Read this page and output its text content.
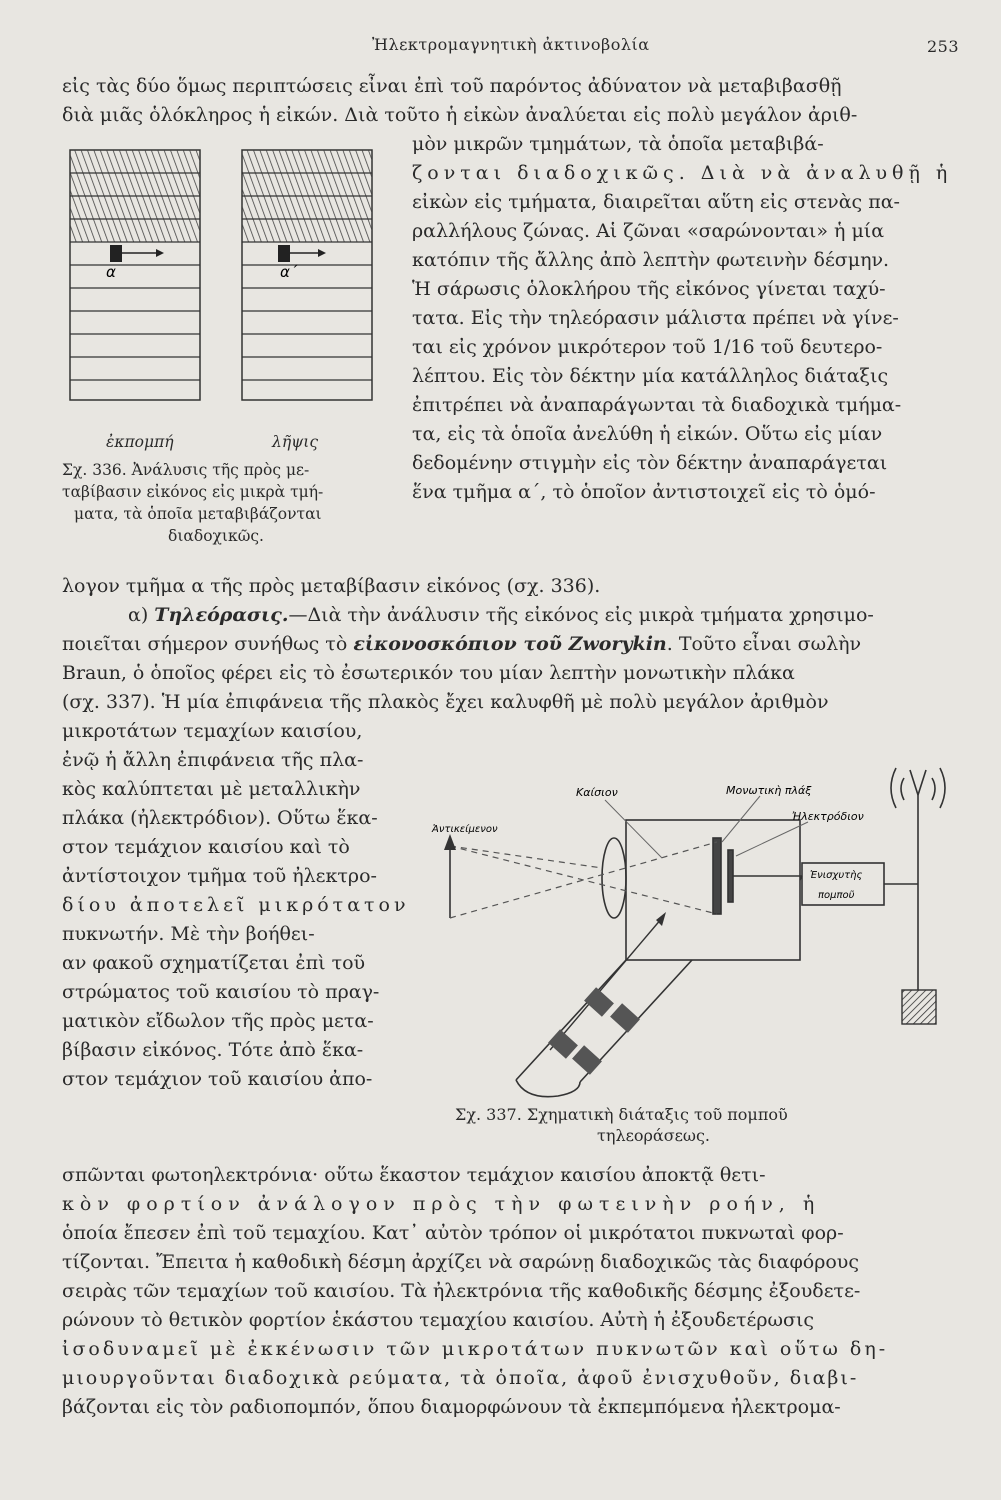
Ἠλεκτρομαγνητικὴ ἀκτινοβολία	253
εἰς τὰς δύο ὅμως περιπτώσεις εἶναι ἐπὶ τοῦ παρόντος ἀδύνατον νὰ μεταβιβασθῇ
διὰ μιᾶς ὁλόκληρος ἡ εἰκών. Διὰ τοῦτο ἡ εἰκὼν ἀναλύεται εἰς πολὺ μεγάλον ἀριθ-
μὸν μικρῶν τμημάτων, τὰ ὁποῖα μεταβιβά-
ζονται διαδοχικῶς. Διὰ νὰ ἀναλυθῇ ἡ
εἰκὼν εἰς τμήματα, διαιρεῖται αὕτη εἰς στενὰς πα-
ραλλήλους ζώνας. Αἱ ζῶναι «σαρώνονται» ἡ μία
κατόπιν τῆς ἄλλης ἀπὸ λεπτὴν φωτεινὴν δέσμην.
Ἡ σάρωσις ὁλοκλήρου τῆς εἰκόνος γίνεται ταχύ-
τατα. Εἰς τὴν τηλεόρασιν μάλιστα πρέπει νὰ γίνε-
ται εἰς χρόνον μικρότερον τοῦ 1/16 τοῦ δευτερο-
λέπτου. Εἰς τὸν δέκτην μία κατάλληλος διάταξις
ἐπιτρέπει νὰ ἀναπαράγωνται τὰ διαδοχικὰ τμήμα-
τα, εἰς τὰ ὁποῖα ἀνελύθη ἡ εἰκών. Οὕτω εἰς μίαν
δεδομένην στιγμὴν εἰς τὸν δέκτην ἀναπαράγεται
ἕνα τμῆμα α΄, τὸ ὁποῖον ἀντιστοιχεῖ εἰς τὸ ὁμό-
α	α΄
ἐκπομπή	λῆψις
Σχ. 336. Ἀνάλυσις τῆς πρὸς με-
ταβίβασιν εἰκόνος εἰς μικρὰ τμή-
ματα, τὰ ὁποῖα μεταβιβάζονται
διαδοχικῶς.
λογον τμῆμα α τῆς πρὸς μεταβίβασιν εἰκόνος (σχ. 336).
α) Τηλεόρασις.—Διὰ τὴν ἀνάλυσιν τῆς εἰκόνος εἰς μικρὰ τμήματα χρησιμο-
ποιεῖται σήμερον συνήθως τὸ εἰκονοσκόπιον τοῦ Zworykin. Τοῦτο εἶναι σωλὴν
Braun, ὁ ὁποῖος φέρει εἰς τὸ ἐσωτερικόν του μίαν λεπτὴν μονωτικὴν πλάκα
(σχ. 337). Ἡ μία ἐπιφάνεια τῆς πλακὸς ἔχει καλυφθῆ μὲ πολὺ μεγάλον ἀριθμὸν
μικροτάτων τεμαχίων καισίου,
ἐνῷ ἡ ἄλλη ἐπιφάνεια τῆς πλα-
κὸς καλύπτεται μὲ μεταλλικὴν
πλάκα (ἠλεκτρόδιον). Οὕτω ἕκα-
στον τεμάχιον καισίου καὶ τὸ
ἀντίστοιχον τμῆμα τοῦ ἠλεκτρο-
δίου ἀποτελεῖ μικρότατον
πυκνωτήν. Μὲ τὴν βοήθει-
αν φακοῦ σχηματίζεται ἐπὶ τοῦ
στρώματος τοῦ καισίου τὸ πραγ-
ματικὸν εἴδωλον τῆς πρὸς μετα-
βίβασιν εἰκόνος. Τότε ἀπὸ ἕκα-
στον τεμάχιον τοῦ καισίου ἀπο-
Καίσιον	Μονωτικὴ πλάξ
Ἀντικείμενον
Ἠλεκτρόδιον
Ἐνισχυτὴς
πομποῦ
Σχ. 337. Σχηματικὴ διάταξις τοῦ πομποῦ
τηλεοράσεως.
σπῶνται φωτοηλεκτρόνια· οὕτω ἕκαστον τεμάχιον καισίου ἀποκτᾷ θετι-
κὸν φορτίον ἀνάλογον πρὸς τὴν φωτεινὴν ροήν, ἡ
ὁποία ἔπεσεν ἐπὶ τοῦ τεμαχίου. Κατ᾽ αὐτὸν τρόπον οἱ μικρότατοι πυκνωταὶ φορ-
τίζονται. Ἔπειτα ἡ καθοδικὴ δέσμη ἀρχίζει νὰ σαρώνῃ διαδοχικῶς τὰς διαφόρους
σειρὰς τῶν τεμαχίων τοῦ καισίου. Τὰ ἠλεκτρόνια τῆς καθοδικῆς δέσμης ἐξουδετε-
ρώνουν τὸ θετικὸν φορτίον ἑκάστου τεμαχίου καισίου. Αὐτὴ ἡ ἐξουδετέρωσις
ἰσοδυναμεῖ μὲ ἐκκένωσιν τῶν μικροτάτων πυκνωτῶν καὶ οὕτω δη-
μιουργοῦνται διαδοχικὰ ρεύματα, τὰ ὁποῖα, ἀφοῦ ἐνισχυθοῦν, διαβι-
βάζονται εἰς τὸν ραδιοπομπόν, ὅπου διαμορφώνουν τὰ ἐκπεμπόμενα ἠλεκτρομα-
